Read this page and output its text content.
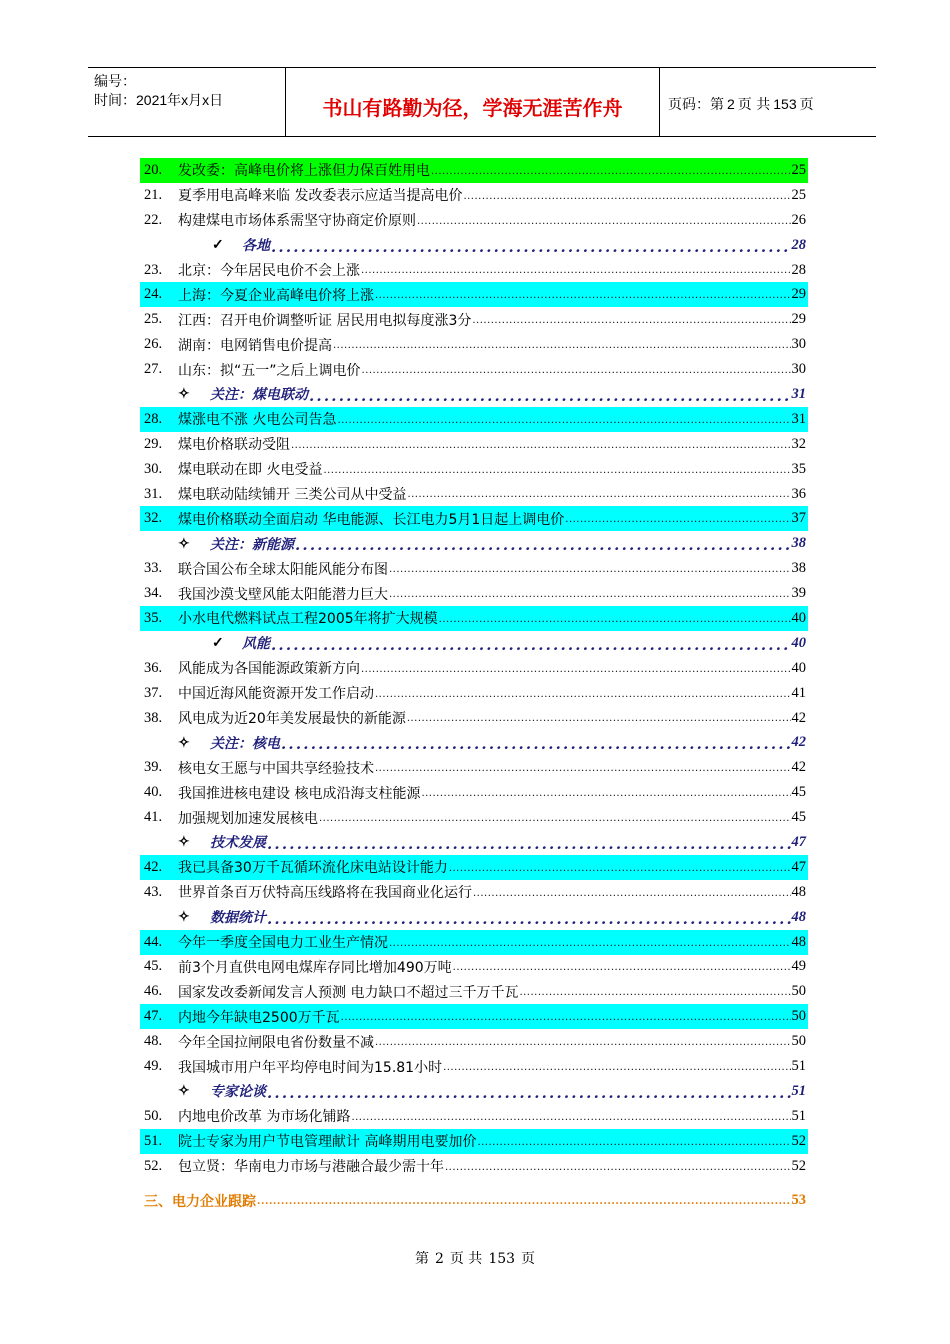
编号：
时间：2021年x月x日	书山有路勤为径，学海无涯苦作舟	页码：第 2 页 共 153 页
20.	发改委：高峰电价将上涨但力保百姓用电 .....	25
21.	夏季用电高峰来临 发改委表示应适当提高电价 .....	25
22.	构建煤电市场体系需坚守协商定价原则 .....	26
✓	各地 .....	28
23.	北京：今年居民电价不会上涨 .....	28
24.	上海：今夏企业高峰电价将上涨 .....	29
25.	江西：召开电价调整听证 居民用电拟每度涨3分 .....	29
26.	湖南：电网销售电价提高 .....	30
27.	山东：拟“五一”之后上调电价 .....	30
✧	关注：煤电联动 .....	31
28.	煤涨电不涨 火电公司告急 .....	31
29.	煤电价格联动受阻 .....	32
30.	煤电联动在即 火电受益 .....	35
31.	煤电联动陆续铺开 三类公司从中受益 .....	36
32.	煤电价格联动全面启动 华电能源、长江电力5月1日起上调电价 .....	37
✧	关注：新能源 .....	38
33.	联合国公布全球太阳能风能分布图 .....	38
34.	我国沙漠戈壁风能太阳能潜力巨大 .....	39
35.	小水电代燃料试点工程2005年将扩大规模 .....	40
✓	风能 .....	40
36.	风能成为各国能源政策新方向 .....	40
37.	中国近海风能资源开发工作启动 .....	41
38.	风电成为近20年美发展最快的新能源 .....	42
✧	关注：核电 .....	42
39.	核电女王愿与中国共享经验技术 .....	42
40.	我国推进核电建设 核电成沿海支柱能源 .....	45
41.	加强规划加速发展核电 .....	45
✧	技术发展 .....	47
42.	我已具备30万千瓦循环流化床电站设计能力 .....	47
43.	世界首条百万伏特高压线路将在我国商业化运行 .....	48
✧	数据统计 .....	48
44.	今年一季度全国电力工业生产情况 .....	48
45.	前3个月直供电网电煤库存同比增加490万吨 .....	49
46.	国家发改委新闻发言人预测 电力缺口不超过三千万千瓦 .....	50
47.	内地今年缺电2500万千瓦 .....	50
48.	今年全国拉闸限电省份数量不减 .....	50
49.	我国城市用户年平均停电时间为15.81小时 .....	51
✧	专家论谈 .....	51
50.	内地电价改革 为市场化铺路 .....	51
51.	院士专家为用户节电管理献计 高峰期用电要加价 .....	52
52.	包立贤：华南电力市场与港融合最少需十年 .....	52
三、电力企业跟踪 .....	53
第 2 页 共 153 页
